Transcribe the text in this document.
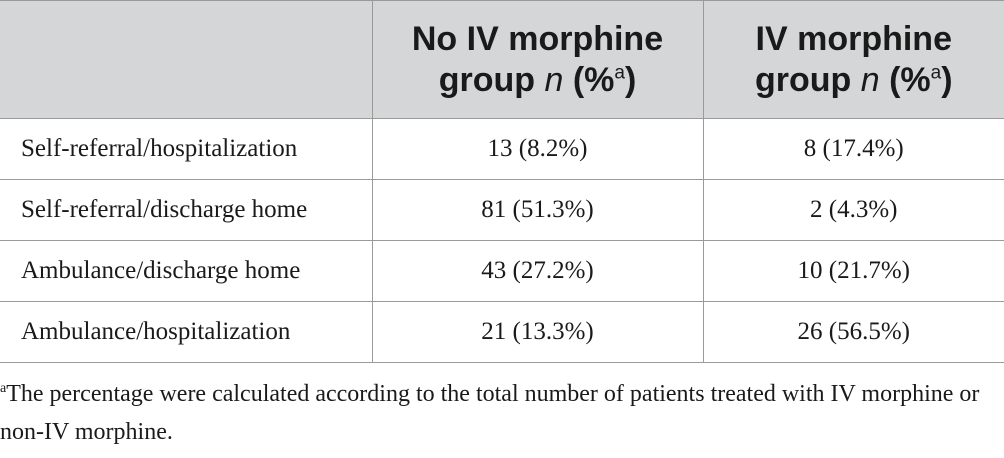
	No IV morphine group n (%$^a$)	IV morphine group n (%$^a$)
Self-referral/hospitalization	13 (8.2%)	8 (17.4%)
Self-referral/discharge home	81 (51.3%)	2 (4.3%)
Ambulance/discharge home	43 (27.2%)	10 (21.7%)
Ambulance/hospitalization	21 (13.3%)	26 (56.5%)

$^a$The percentage were calculated according to the total number of patients treated with IV morphine or non-IV morphine.
